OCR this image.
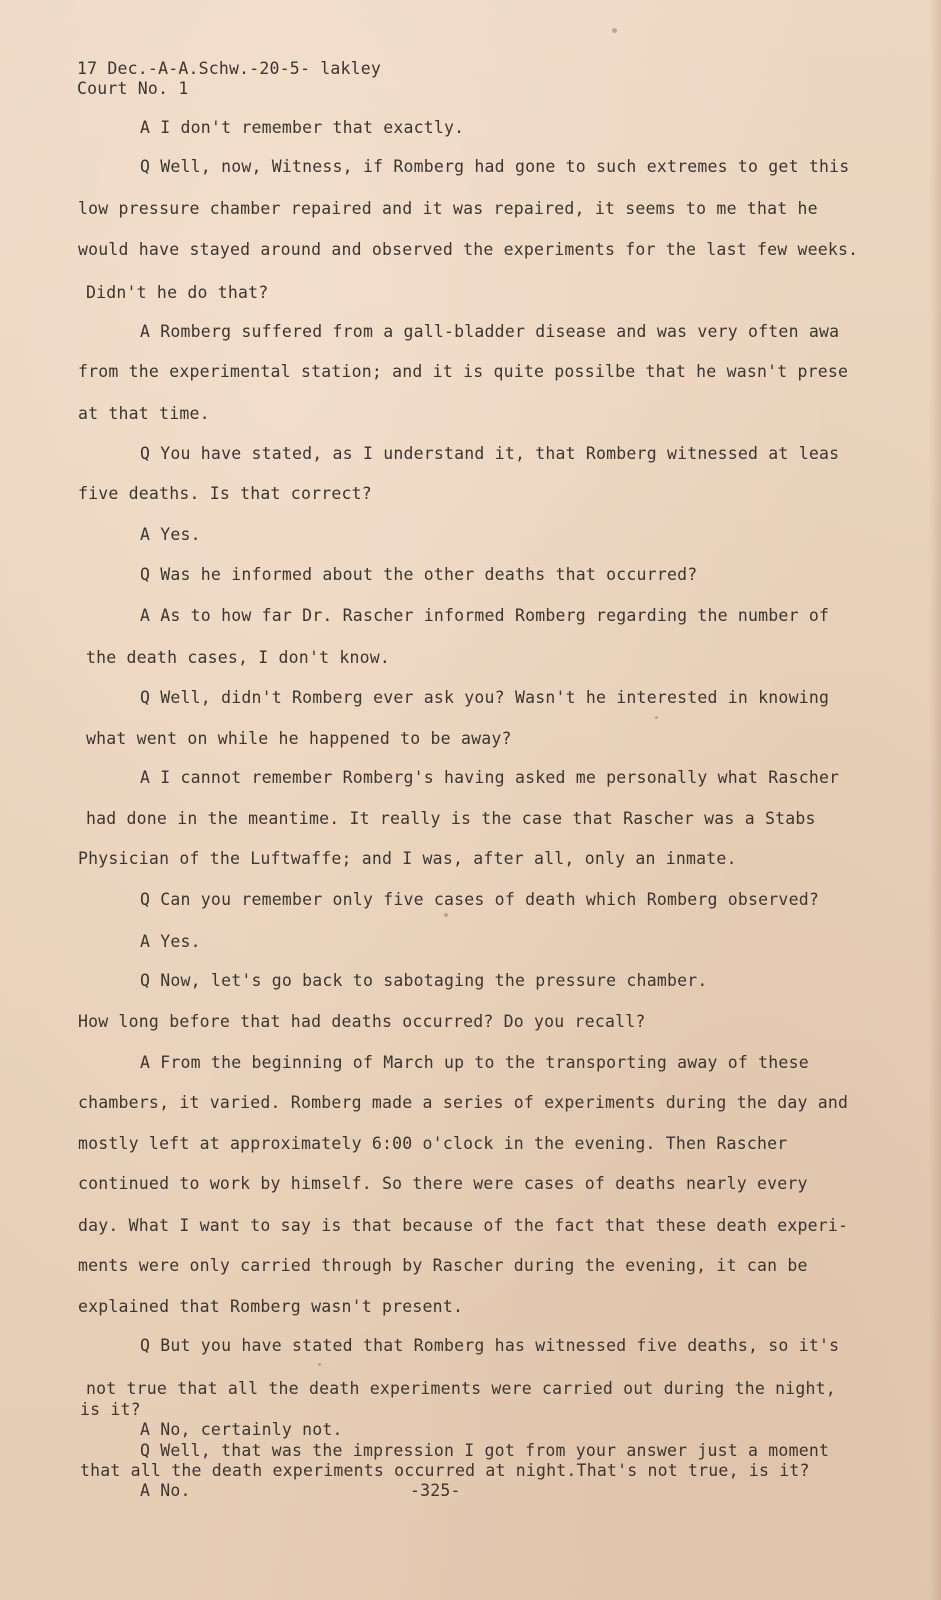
17 Dec.-A-A.Schw.-20-5- lakley
Court No. 1
A I don't remember that exactly.
Q Well, now, Witness, if Romberg had gone to such extremes to get this
low pressure chamber repaired and it was repaired, it seems to me that he
would have stayed around and observed the experiments for the last few weeks.
Didn't he do that?
A Romberg suffered from a gall-bladder disease and was very often awa
from the experimental station; and it is quite possilbe that he wasn't prese
at that time.
Q You have stated, as I understand it, that Romberg witnessed at leas
five deaths. Is that correct?
A Yes.
Q Was he informed about the other deaths that occurred?
A As to how far Dr. Rascher informed Romberg regarding the number of
the death cases, I don't know.
Q Well, didn't Romberg ever ask you? Wasn't he interested in knowing
what went on while he happened to be away?
A I cannot remember Romberg's having asked me personally what Rascher
had done in the meantime. It really is the case that Rascher was a Stabs
Physician of the Luftwaffe; and I was, after all, only an inmate.
Q Can you remember only five cases of death which Romberg observed?
A Yes.
Q Now, let's go back to sabotaging the pressure chamber.
How long before that had deaths occurred? Do you recall?
A From the beginning of March up to the transporting away of these
chambers, it varied. Romberg made a series of experiments during the day and
mostly left at approximately 6:00 o'clock in the evening. Then Rascher
continued to work by himself. So there were cases of deaths nearly every
day. What I want to say is that because of the fact that these death experi-
ments were only carried through by Rascher during the evening, it can be
explained that Romberg wasn't present.
Q But you have stated that Romberg has witnessed five deaths, so it's
not true that all the death experiments were carried out during the night,
is it?
A No, certainly not.
Q Well, that was the impression I got from your answer just a moment
that all the death experiments occurred at night.That's not true, is it?
A No.	-325-
